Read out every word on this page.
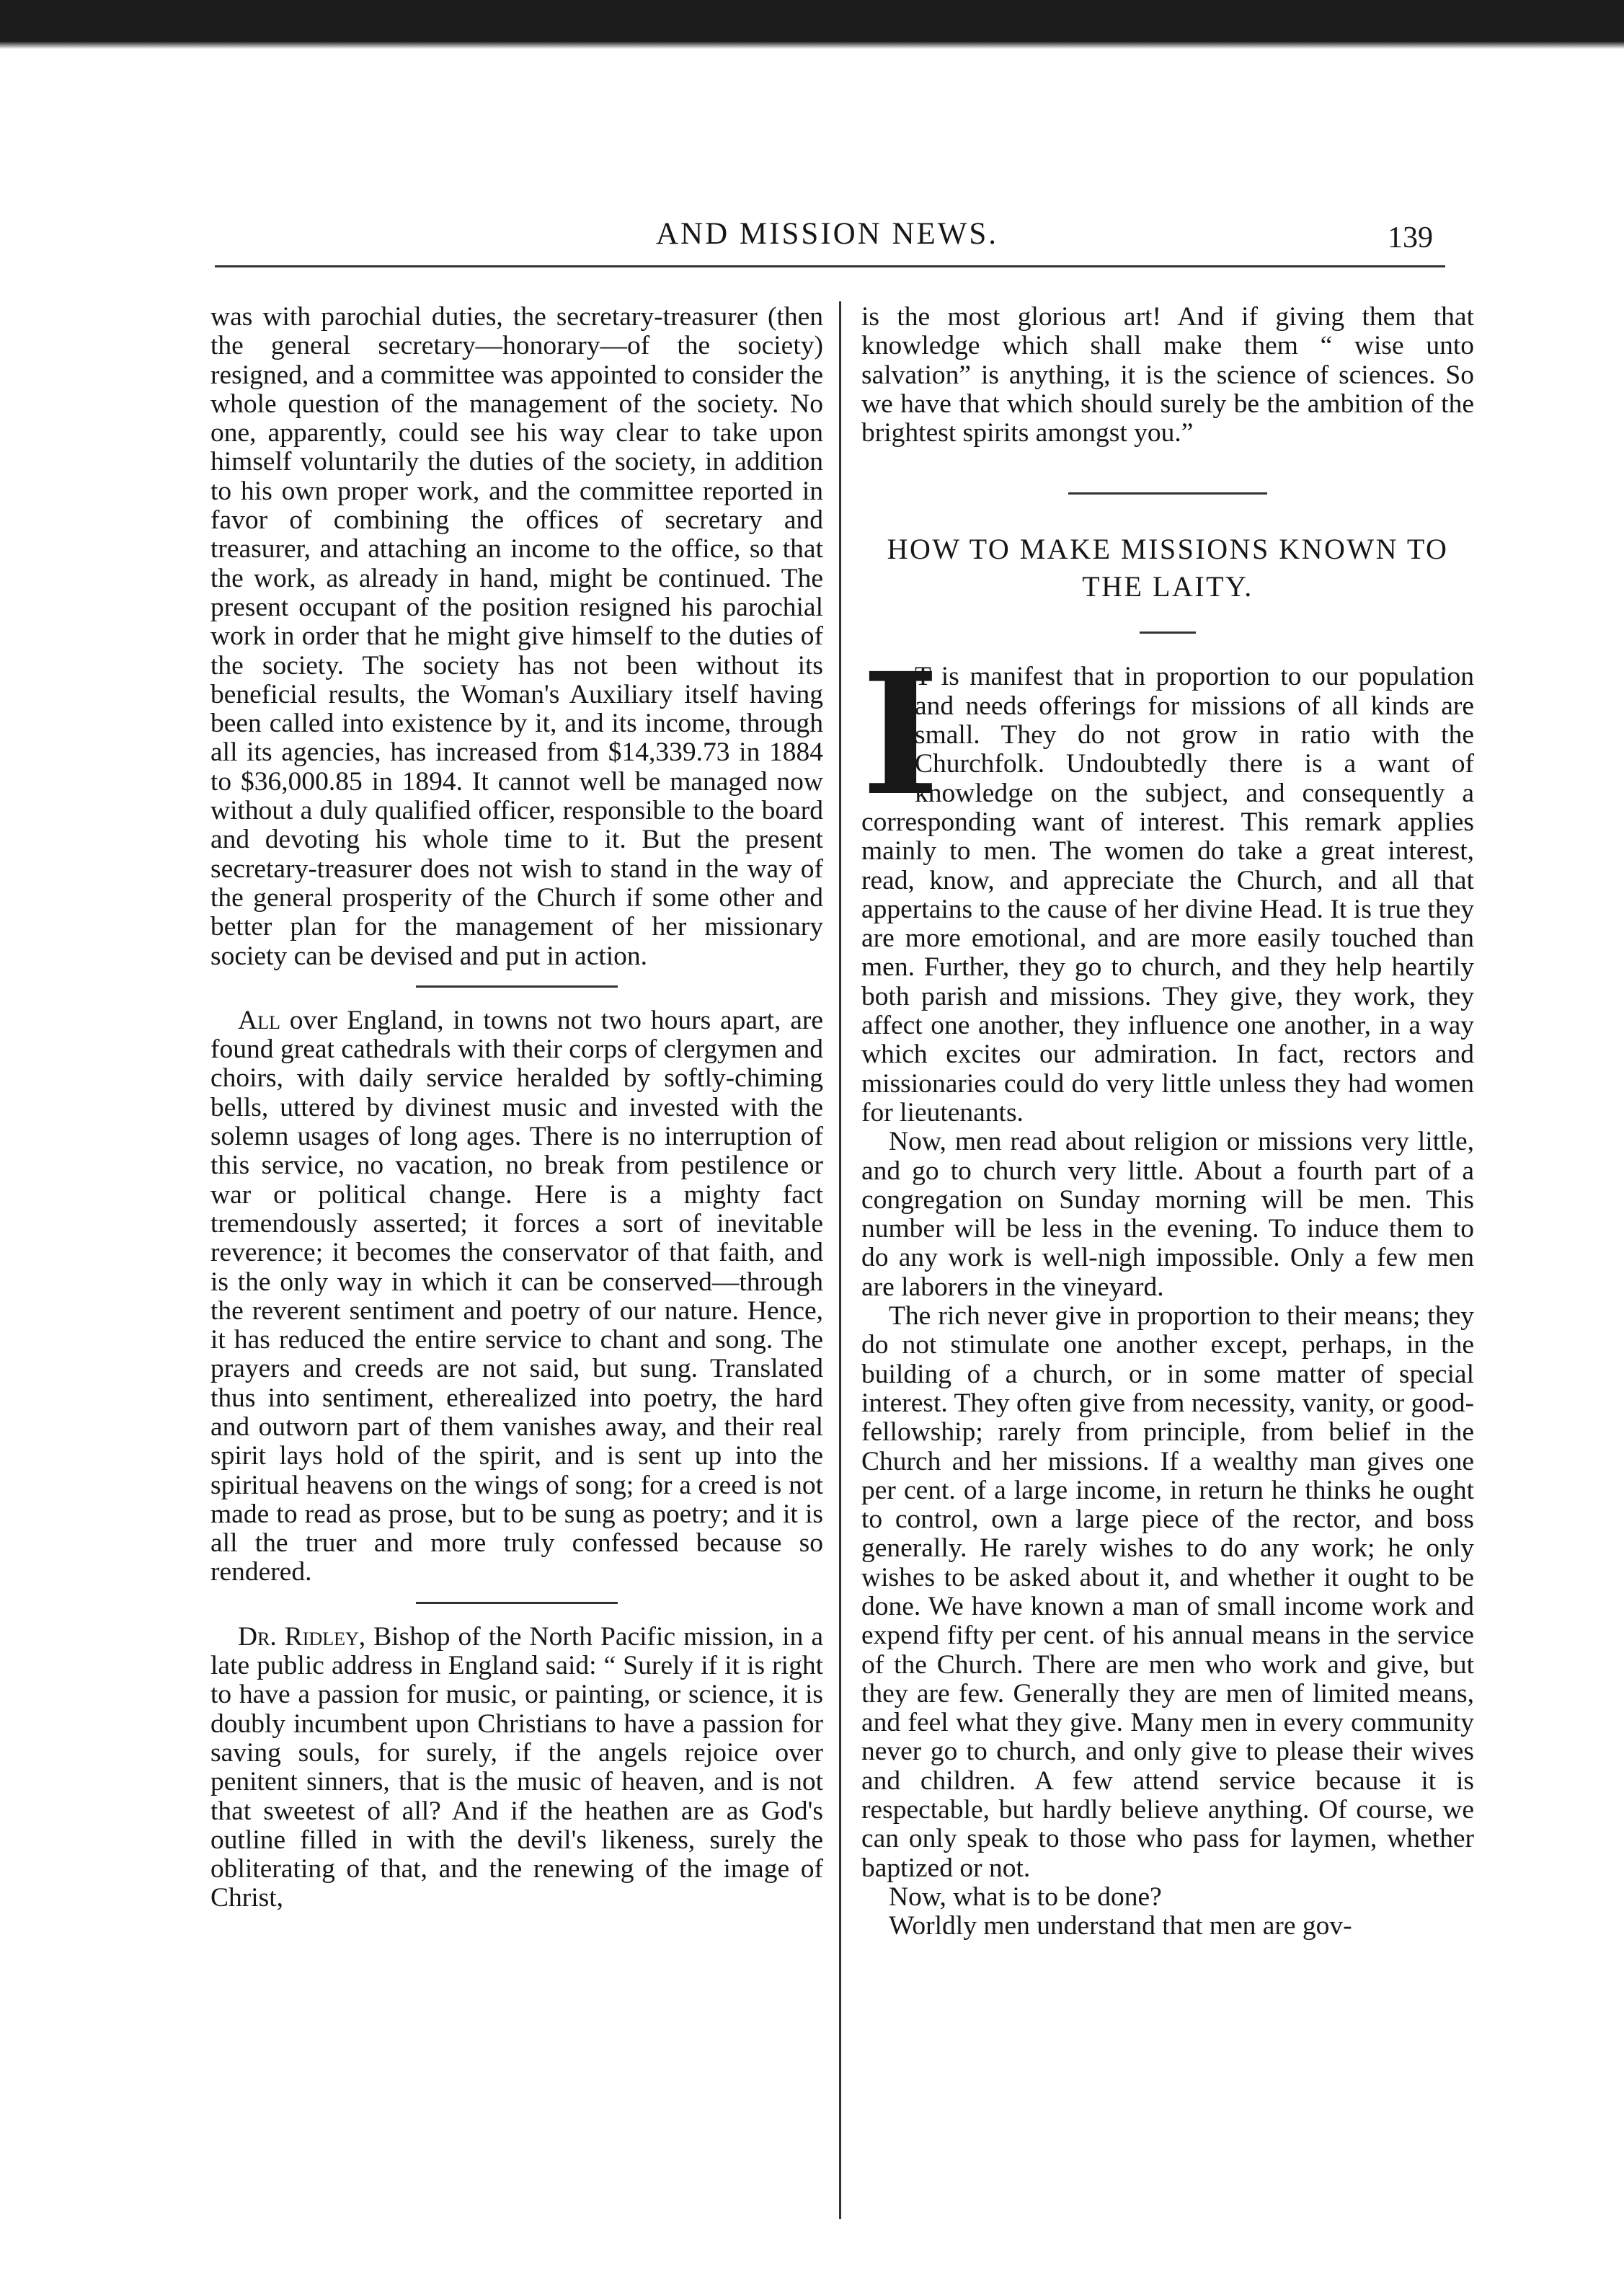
AND MISSION NEWS.	139

was with parochial duties, the secretary-treasurer (then the general secretary—honorary—of the society) resigned, and a committee was appointed to consider the whole question of the management of the society. No one, apparently, could see his way clear to take upon himself voluntarily the duties of the society, in addition to his own proper work, and the committee reported in favor of combining the offices of secretary and treasurer, and attaching an income to the office, so that the work, as already in hand, might be continued. The present occupant of the position resigned his parochial work in order that he might give himself to the duties of the society. The society has not been without its beneficial results, the Woman's Auxiliary itself having been called into existence by it, and its income, through all its agencies, has increased from $14,339.73 in 1884 to $36,000.85 in 1894. It cannot well be managed now without a duly qualified officer, responsible to the board and devoting his whole time to it. But the present secretary-treasurer does not wish to stand in the way of the general prosperity of the Church if some other and better plan for the management of her missionary society can be devised and put in action.

All over England, in towns not two hours apart, are found great cathedrals with their corps of clergymen and choirs, with daily service heralded by softly-chiming bells, uttered by divinest music and invested with the solemn usages of long ages. There is no interruption of this service, no vacation, no break from pestilence or war or political change. Here is a mighty fact tremendously asserted; it forces a sort of inevitable reverence; it becomes the conservator of that faith, and is the only way in which it can be conserved—through the reverent sentiment and poetry of our nature. Hence, it has reduced the entire service to chant and song. The prayers and creeds are not said, but sung. Translated thus into sentiment, etherealized into poetry, the hard and outworn part of them vanishes away, and their real spirit lays hold of the spirit, and is sent up into the spiritual heavens on the wings of song; for a creed is not made to read as prose, but to be sung as poetry; and it is all the truer and more truly confessed because so rendered.

Dr. Ridley, Bishop of the North Pacific mission, in a late public address in England said: “ Surely if it is right to have a passion for music, or painting, or science, it is doubly incumbent upon Christians to have a passion for saving souls, for surely, if the angels rejoice over penitent sinners, that is the music of heaven, and is not that sweetest of all? And if the heathen are as God's outline filled in with the devil's likeness, surely the obliterating of that, and the renewing of the image of Christ,

is the most glorious art! And if giving them that knowledge which shall make them “ wise unto salvation” is anything, it is the science of sciences. So we have that which should surely be the ambition of the brightest spirits amongst you.”

HOW TO MAKE MISSIONS KNOWN TO THE LAITY.

I
T is manifest that in proportion to our population and needs offerings for missions of all kinds are small. They do not grow in ratio with the Churchfolk. Undoubtedly there is a want of knowledge on the subject, and consequently a corresponding want of interest. This remark applies mainly to men. The women do take a great interest, read, know, and appreciate the Church, and all that appertains to the cause of her divine Head. It is true they are more emotional, and are more easily touched than men. Further, they go to church, and they help heartily both parish and missions. They give, they work, they affect one another, they influence one another, in a way which excites our admiration. In fact, rectors and missionaries could do very little unless they had women for lieutenants.

Now, men read about religion or missions very little, and go to church very little. About a fourth part of a congregation on Sunday morning will be men. This number will be less in the evening. To induce them to do any work is well-nigh impossible. Only a few men are laborers in the vineyard.

The rich never give in proportion to their means; they do not stimulate one another except, perhaps, in the building of a church, or in some matter of special interest. They often give from necessity, vanity, or good-fellowship; rarely from principle, from belief in the Church and her missions. If a wealthy man gives one per cent. of a large income, in return he thinks he ought to control, own a large piece of the rector, and boss generally. He rarely wishes to do any work; he only wishes to be asked about it, and whether it ought to be done. We have known a man of small income work and expend fifty per cent. of his annual means in the service of the Church. There are men who work and give, but they are few. Generally they are men of limited means, and feel what they give. Many men in every community never go to church, and only give to please their wives and children. A few attend service because it is respectable, but hardly believe anything. Of course, we can only speak to those who pass for laymen, whether baptized or not.

Now, what is to be done?

Worldly men understand that men are gov-
